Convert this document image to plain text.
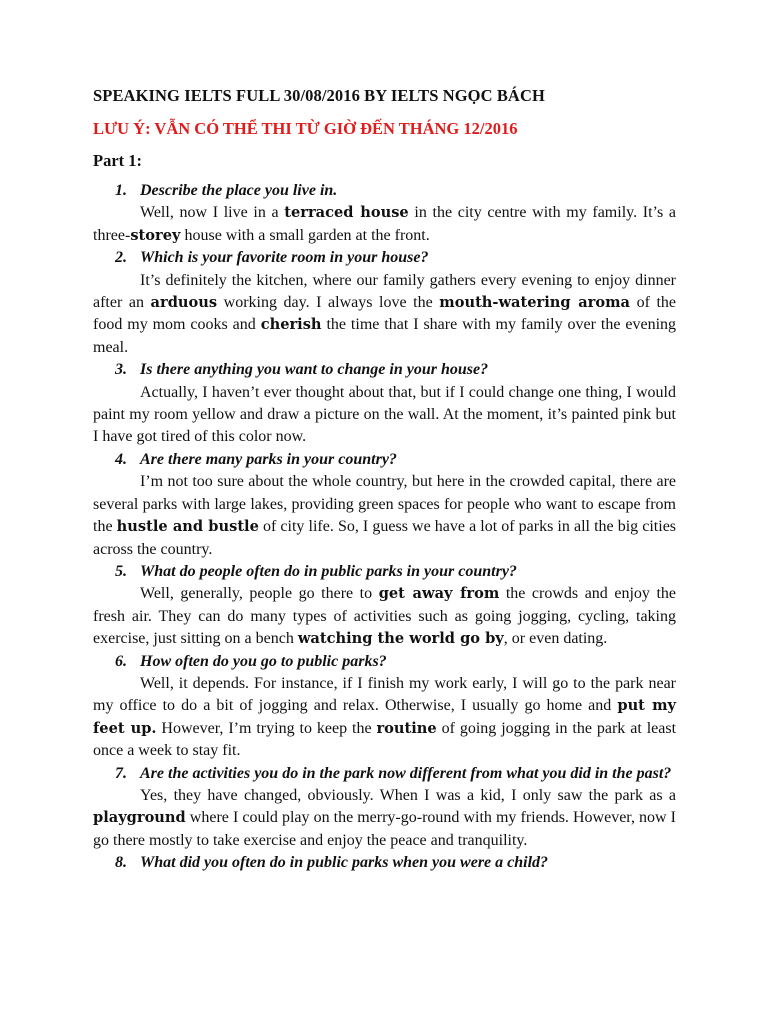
SPEAKING IELTS FULL 30/08/2016 BY IELTS NGỌC BÁCH
LƯU Ý: VẪN CÓ THỂ THI TỪ GIỜ ĐẾN THÁNG 12/2016
Part 1:
1. Describe the place you live in.

Well, now I live in a terraced house in the city centre with my family. It’s a three-storey house with a small garden at the front.

2. Which is your favorite room in your house?

It’s definitely the kitchen, where our family gathers every evening to enjoy dinner after an arduous working day. I always love the mouth-watering aroma of the food my mom cooks and cherish the time that I share with my family over the evening meal.

3. Is there anything you want to change in your house?

Actually, I haven’t ever thought about that, but if I could change one thing, I would paint my room yellow and draw a picture on the wall. At the moment, it’s painted pink but I have got tired of this color now.

4. Are there many parks in your country?

I’m not too sure about the whole country, but here in the crowded capital, there are several parks with large lakes, providing green spaces for people who want to escape from the hustle and bustle of city life. So, I guess we have a lot of parks in all the big cities across the country.

5. What do people often do in public parks in your country?

Well, generally, people go there to get away from the crowds and enjoy the fresh air. They can do many types of activities such as going jogging, cycling, taking exercise, just sitting on a bench watching the world go by, or even dating.

6. How often do you go to public parks?

Well, it depends. For instance, if I finish my work early, I will go to the park near my office to do a bit of jogging and relax. Otherwise, I usually go home and put my feet up. However, I’m trying to keep the routine of going jogging in the park at least once a week to stay fit.

7. Are the activities you do in the park now different from what you did in the past?

Yes, they have changed, obviously. When I was a kid, I only saw the park as a playground where I could play on the merry-go-round with my friends. However, now I go there mostly to take exercise and enjoy the peace and tranquility.

8. What did you often do in public parks when you were a child?
